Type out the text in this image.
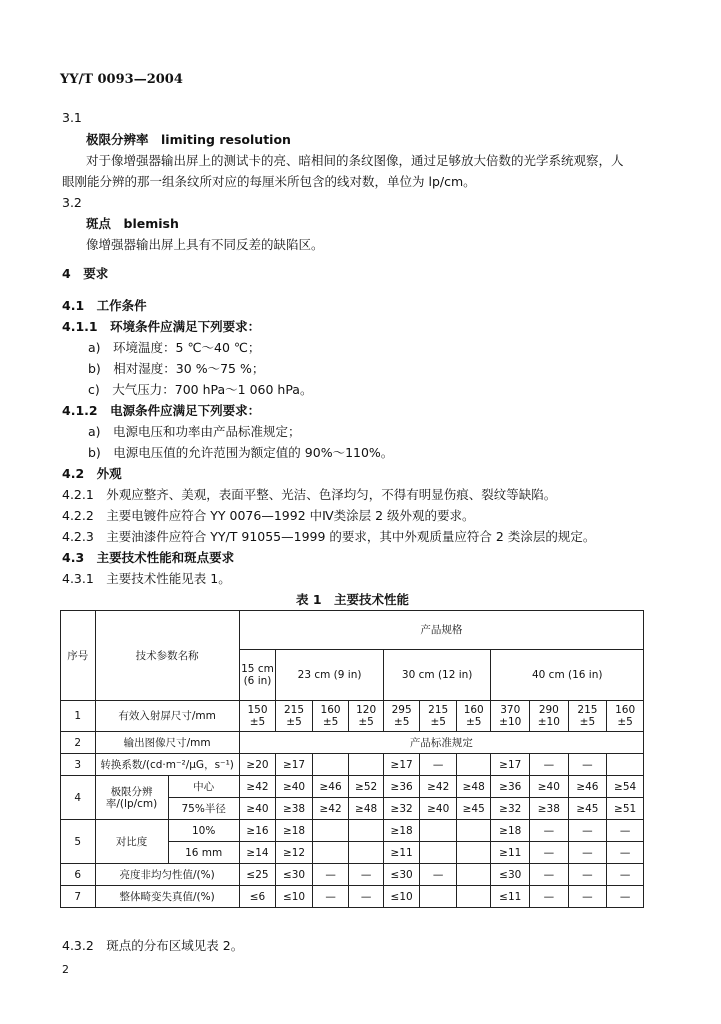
YY/T 0093—2004
3.1
极限分辨率　limiting resolution
对于像增强器输出屏上的测试卡的亮、暗相间的条纹图像，通过足够放大倍数的光学系统观察，人
眼刚能分辨的那一组条纹所对应的每厘米所包含的线对数，单位为 lp/cm。
3.2
斑点　blemish
像增强器输出屏上具有不同反差的缺陷区。
4　要求
4.1　工作条件
4.1.1　环境条件应满足下列要求：
a)　环境温度：5 ℃～40 ℃；
b)　相对湿度：30 %～75 %；
c)　大气压力：700 hPa～1 060 hPa。
4.1.2　电源条件应满足下列要求：
a)　电源电压和功率由产品标准规定；
b)　电源电压值的允许范围为额定值的 90%～110%。
4.2　外观
4.2.1　外观应整齐、美观，表面平整、光洁、色泽均匀，不得有明显伤痕、裂纹等缺陷。
4.2.2　主要电镀件应符合 YY 0076—1992 中Ⅳ类涂层 2 级外观的要求。
4.2.3　主要油漆件应符合 YY/T 91055—1999 的要求，其中外观质量应符合 2 类涂层的规定。
4.3　主要技术性能和斑点要求
4.3.1　主要技术性能见表 1。
表 1　主要技术性能
序号	技术参数名称		产品规格										
			15 cm (6 in)	23 cm (9 in)			30 cm (12 in)			40 cm (16 in)			
1	有效入射屏尺寸/mm		150 ±5	215 ±5	160 ±5	120 ±5	295 ±5	215 ±5	160 ±5	370 ±10	290 ±10	215 ±5	160 ±5
2	输出图像尺寸/mm		产品标准规定										
3	转换系数/(cd·m⁻²/μG，s⁻¹)		≥20	≥17			≥17	—		≥17	—	—	
4	极限分辨率/(lp/cm)	中心	≥42	≥40	≥46	≥52	≥36	≥42	≥48	≥36	≥40	≥46	≥54
		75%半径	≥40	≥38	≥42	≥48	≥32	≥40	≥45	≥32	≥38	≥45	≥51
5	对比度	10%	≥16	≥18			≥18			≥18	—	—	—
		16 mm	≥14	≥12			≥11			≥11	—	—	—
6	亮度非均匀性值/(%)		≤25	≤30	—	—	≤30	—		≤30	—	—	—
7	整体畸变失真值/(%)		≤6	≤10	—	—	≤10			≤11	—	—	—
4.3.2　斑点的分布区域见表 2。
2
